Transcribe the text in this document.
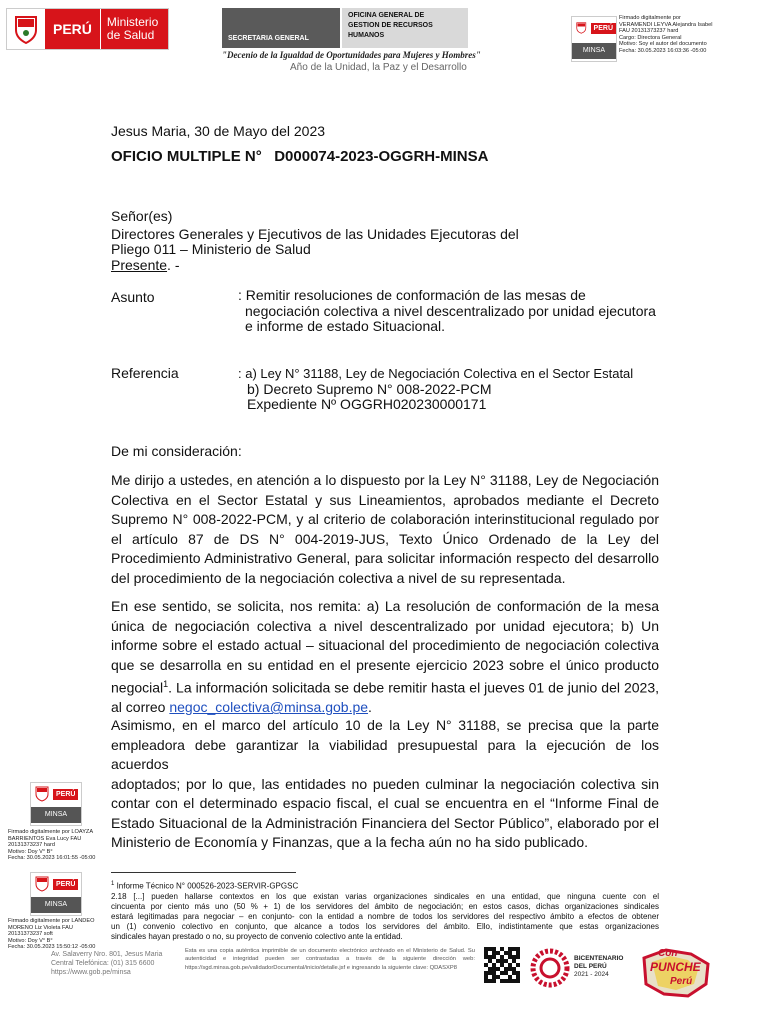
PERÚ	Ministerio
de Salud	SECRETARIA GENERAL
OFICINA GENERAL DE
GESTION DE RECURSOS
HUMANOS
"Decenio de la Igualdad de Oportunidades para Mujeres y Hombres"
Año de la Unidad, la Paz y el Desarrollo
PERÚ
MINSA
Firmado digitalmente por
VERAMENDI LEYVA Alejandra Isabel
FAU 20131373237 hard
Cargo: Directora General
Motivo: Soy el autor del documento
Fecha: 30.05.2023 16:03:36 -05:00
Jesus Maria, 30 de Mayo del 2023
OFICIO MULTIPLE N°   D000074-2023-OGGRH-MINSA
Señor(es)
Directores Generales y Ejecutivos de las Unidades Ejecutoras del
Pliego 011 – Ministerio de Salud
Presente. -
Asunto	: Remitir resoluciones de conformación de las mesas de
negociación colectiva a nivel descentralizado por unidad ejecutora
e informe de estado Situacional.
Referencia	: a) Ley N° 31188, Ley de Negociación Colectiva en el Sector Estatal
b) Decreto Supremo N° 008-2022-PCM
Expediente Nº OGGRH020230000171
De mi consideración:
Me dirijo a ustedes, en atención a lo dispuesto por la Ley N° 31188, Ley de Negociación
Colectiva en el Sector Estatal y sus Lineamientos, aprobados mediante el Decreto
Supremo N° 008-2022-PCM, y al criterio de colaboración interinstitucional regulado por
el artículo 87 de DS N° 004-2019-JUS, Texto Único Ordenado de la Ley del
Procedimiento Administrativo General, para solicitar información respecto del desarrollo
del procedimiento de la negociación colectiva a nivel de su representada.
En ese sentido, se solicita, nos remita: a) La resolución de conformación de la mesa
única de negociación colectiva a nivel descentralizado por unidad ejecutora; b) Un
informe sobre el estado actual – situacional del procedimiento de negociación colectiva
que se desarrolla en su entidad en el presente ejercicio 2023 sobre el único producto
negocial$^1$. La información solicitada se debe remitir hasta el jueves 01 de junio del 2023,
al correo negoc_colectiva@minsa.gob.pe.
Asimismo, en el marco del artículo 10 de la Ley N° 31188, se precisa que la parte
empleadora debe garantizar la viabilidad presupuestal para la ejecución de los acuerdos
adoptados; por lo que, las entidades no pueden culminar la negociación colectiva sin
contar con el determinado espacio fiscal, el cual se encuentra en el “Informe Final de
Estado Situacional de la Administración Financiera del Sector Público”, elaborado por el
Ministerio de Economía y Finanzas, que a la fecha aún no ha sido publicado.
PERÚ
MINSA
Firmado digitalmente por LOAYZA
BARRIENTOS Eva Lucy FAU
20131373237 hard
Motivo: Doy V° B°
Fecha: 30.05.2023 16:01:55 -05:00
$^1$ Informe Técnico N° 000526-2023-SERVIR-GPGSC
2.18 [...] pueden hallarse contextos en los que existan varias organizaciones sindicales en una entidad, que ninguna cuente con el
cincuenta por ciento más uno (50 % + 1) de los servidores del ámbito de negociación; en estos casos, dichas organizaciones sindicales
estará legitimadas para negociar – en conjunto- con la entidad a nombre de todos los servidores del respectivo ámbito a efectos de obtener
un (1) convenio colectivo en conjunto, que alcance a todos los servidores del ámbito. Ello, indistintamente que estas organizaciones
sindicales hayan prestado o no, su proyecto de convenio colectivo ante la entidad.
PERÚ
MINSA
Firmado digitalmente por LANDEO
MORENO Liz Violeta FAU
20131373237 soft
Motivo: Doy V° B°
Fecha: 30.05.2023 15:50:12 -05:00
Av. Salaverry Nro. 801, Jesus Maria
Central Telefónica: (01) 315 6600
https://www.gob.pe/minsa
Esta es una copia auténtica imprimible de un documento electrónico archivado en el Ministerio de Salud. Su autenticidad e integridad pueden ser contrastadas a través de la siguiente dirección web: https://sgd.minsa.gob.pe/validadorDocumental/inicio/detalle.jsf e ingresando la siguiente clave: QDASXP8
BICENTENARIO
DEL PERÚ
2021 - 2024
Con
PUNCHE
Perú
